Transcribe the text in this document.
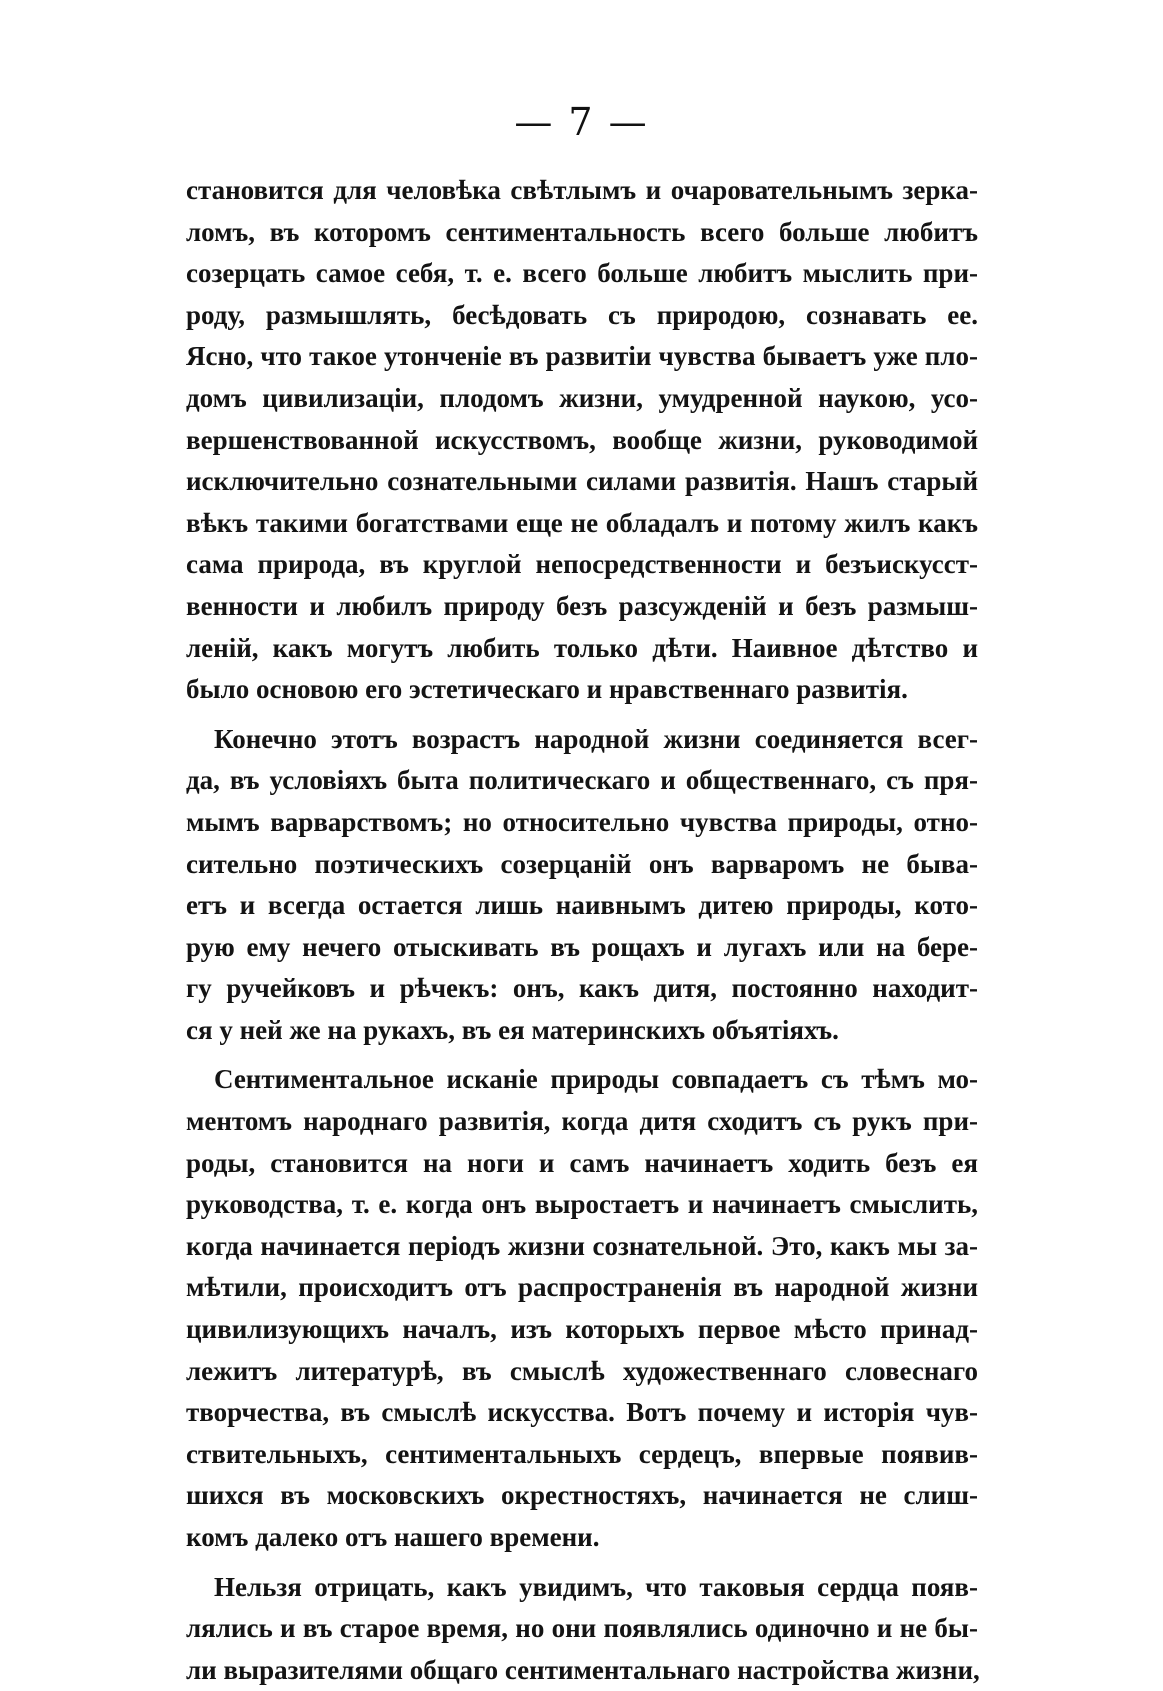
— 7 —
становится для человѣка свѣтлымъ и очаровательнымъ зерка-
ломъ, въ которомъ сентиментальность всего больше любитъ
созерцать самое себя, т. е. всего больше любитъ мыслить при-
роду, размышлять, бесѣдовать съ природою, сознавать ее.
Ясно, что такое утонченіе въ развитіи чувства бываетъ уже пло-
домъ цивилизаціи, плодомъ жизни, умудренной наукою, усо-
вершенствованной искусствомъ, вообще жизни, руководимой
исключительно сознательными силами развитія. Нашъ старый
вѣкъ такими богатствами еще не обладалъ и потому жилъ какъ
сама природа, въ круглой непосредственности и безъискусст-
венности и любилъ природу безъ разсужденій и безъ размыш-
леній, какъ могутъ любить только дѣти. Наивное дѣтство и
было основою его эстетическаго и нравственнаго развитія.
Конечно этотъ возрастъ народной жизни соединяется всег-
да, въ условіяхъ быта политическаго и общественнаго, съ пря-
мымъ варварствомъ; но относительно чувства природы, отно-
сительно поэтическихъ созерцаній онъ варваромъ не быва-
етъ и всегда остается лишь наивнымъ дитею природы, кото-
рую ему нечего отыскивать въ рощахъ и лугахъ или на бере-
гу ручейковъ и рѣчекъ: онъ, какъ дитя, постоянно находит-
ся у ней же на рукахъ, въ ея материнскихъ объятіяхъ.
Сентиментальное исканіе природы совпадаетъ съ тѣмъ мо-
ментомъ народнаго развитія, когда дитя сходитъ съ рукъ при-
роды, становится на ноги и самъ начинаетъ ходить безъ ея
руководства, т. е. когда онъ выростаетъ и начинаетъ смыслить,
когда начинается періодъ жизни сознательной. Это, какъ мы за-
мѣтили, происходитъ отъ распространенія въ народной жизни
цивилизующихъ началъ, изъ которыхъ первое мѣсто принад-
лежитъ литературѣ, въ смыслѣ художественнаго словеснаго
творчества, въ смыслѣ искусства. Вотъ почему и исторія чув-
ствительныхъ, сентиментальныхъ сердецъ, впервые появив-
шихся въ московскихъ окрестностяхъ, начинается не слиш-
комъ далеко отъ нашего времени.
Нельзя отрицать, какъ увидимъ, что таковыя сердца появ-
лялись и въ старое время, но они появлялись одиночно и не бы-
ли выразителями общаго сентиментальнаго настройства жизни,
